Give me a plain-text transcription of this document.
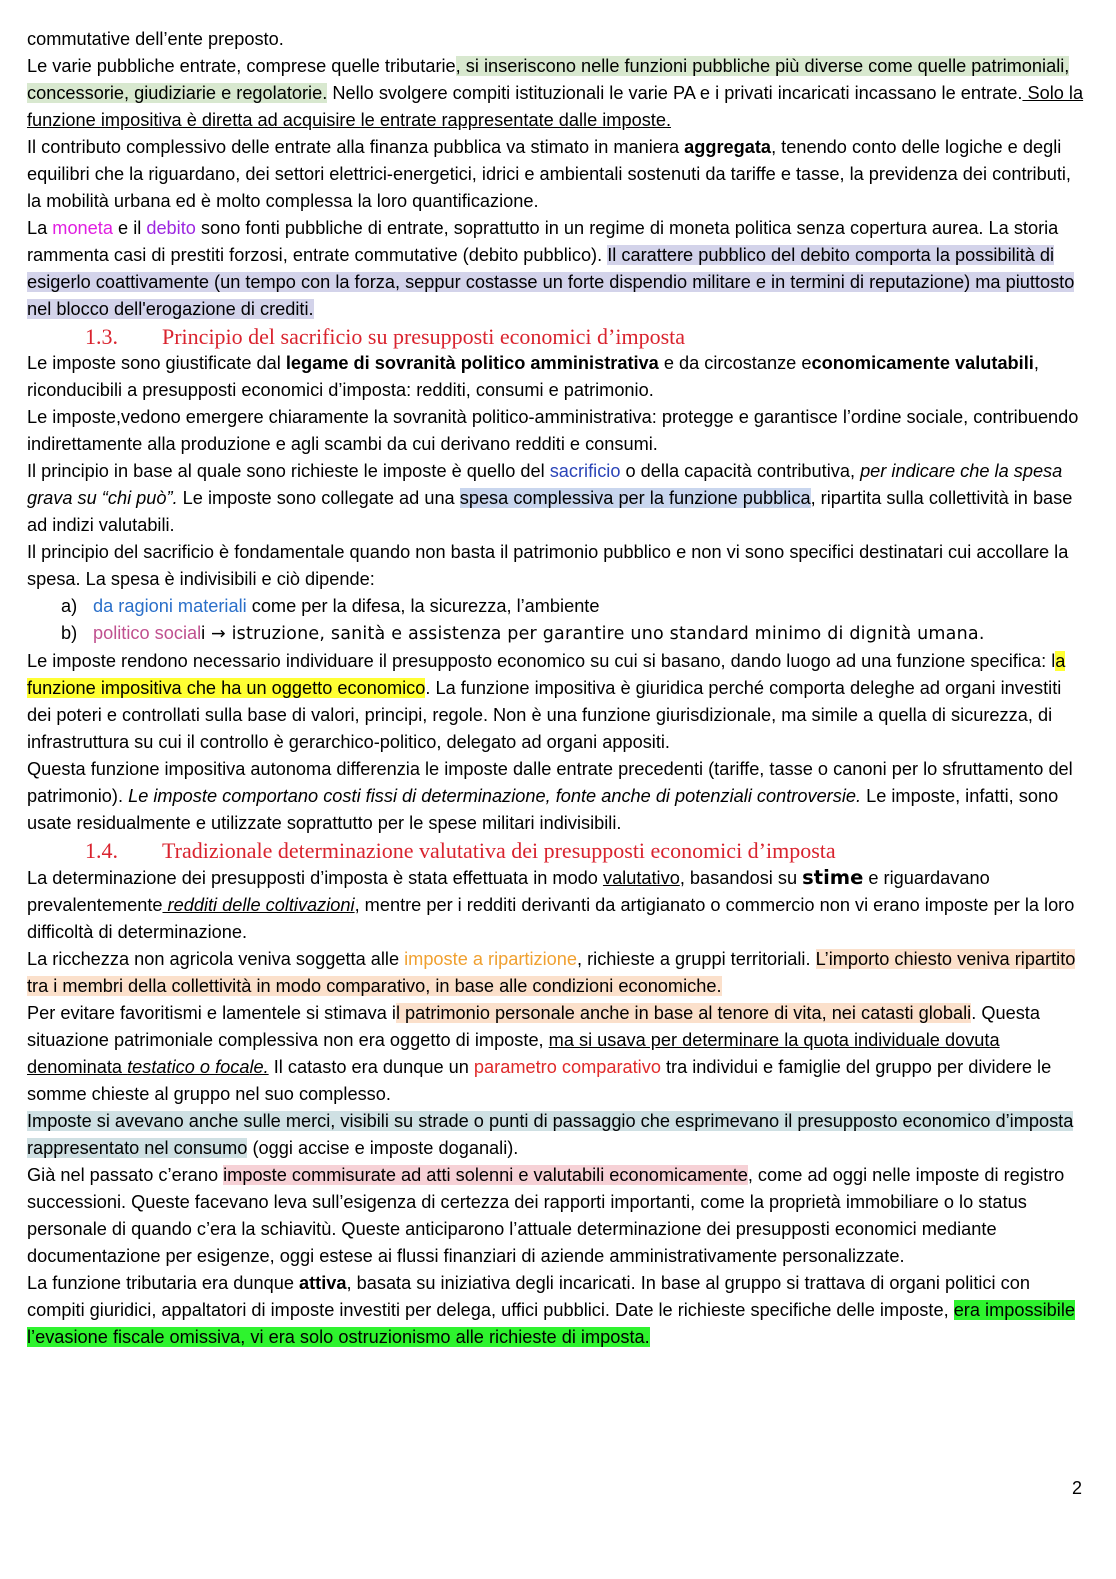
commutative dell’ente preposto.

Le varie pubbliche entrate, comprese quelle tributarie, si inseriscono nelle funzioni pubbliche più diverse come quelle patrimoniali, concessorie, giudiziarie e regolatorie. Nello svolgere compiti istituzionali le varie PA e i privati incaricati incassano le entrate. Solo la funzione impositiva è diretta ad acquisire le entrate rappresentate dalle imposte.

Il contributo complessivo delle entrate alla finanza pubblica va stimato in maniera aggregata, tenendo conto delle logiche e degli equilibri che la riguardano, dei settori elettrici-energetici, idrici e ambientali sostenuti da tariffe e tasse, la previdenza dei contributi, la mobilità urbana ed è molto complessa la loro quantificazione.

La moneta e il debito sono fonti pubbliche di entrate, soprattutto in un regime di moneta politica senza copertura aurea. La storia rammenta casi di prestiti forzosi, entrate commutative (debito pubblico). Il carattere pubblico del debito comporta la possibilità di esigerlo coattivamente (un tempo con la forza, seppur costasse un forte dispendio militare e in termini di reputazione) ma piuttosto nel blocco dell'erogazione di crediti.

1.3. Principio del sacrificio su presupposti economici d’imposta

Le imposte sono giustificate dal legame di sovranità politico amministrativa e da circostanze economicamente valutabili, riconducibili a presupposti economici d’imposta: redditi, consumi e patrimonio.

Le imposte,vedono emergere chiaramente la sovranità politico-amministrativa: protegge e garantisce l’ordine sociale, contribuendo indirettamente alla produzione e agli scambi da cui derivano redditi e consumi.

Il principio in base al quale sono richieste le imposte è quello del sacrificio o della capacità contributiva, per indicare che la spesa grava su “chi può”. Le imposte sono collegate ad una spesa complessiva per la funzione pubblica, ripartita sulla collettività in base ad indizi valutabili.

Il principio del sacrificio è fondamentale quando non basta il patrimonio pubblico e non vi sono specifici destinatari cui accollare la spesa. La spesa è indivisibili e ciò dipende:

a) da ragioni materiali come per la difesa, la sicurezza, l’ambiente
b) politico sociali → istruzione, sanità e assistenza per garantire uno standard minimo di dignità umana.

Le imposte rendono necessario individuare il presupposto economico su cui si basano, dando luogo ad una funzione specifica: la funzione impositiva che ha un oggetto economico. La funzione impositiva è giuridica perché comporta deleghe ad organi investiti dei poteri e controllati sulla base di valori, principi, regole. Non è una funzione giurisdizionale, ma simile a quella di sicurezza, di infrastruttura su cui il controllo è gerarchico-politico, delegato ad organi appositi.

Questa funzione impositiva autonoma differenzia le imposte dalle entrate precedenti (tariffe, tasse o canoni per lo sfruttamento del patrimonio). Le imposte comportano costi fissi di determinazione, fonte anche di potenziali controversie. Le imposte, infatti, sono usate residualmente e utilizzate soprattutto per le spese militari indivisibili.

1.4. Tradizionale determinazione valutativa dei presupposti economici d’imposta

La determinazione dei presupposti d’imposta è stata effettuata in modo valutativo, basandosi su stime e riguardavano prevalentemente redditi delle coltivazioni, mentre per i redditi derivanti da artigianato o commercio non vi erano imposte per la loro difficoltà di determinazione.

La ricchezza non agricola veniva soggetta alle imposte a ripartizione, richieste a gruppi territoriali. L’importo chiesto veniva ripartito tra i membri della collettività in modo comparativo, in base alle condizioni economiche.

Per evitare favoritismi e lamentele si stimava il patrimonio personale anche in base al tenore di vita, nei catasti globali. Questa situazione patrimoniale complessiva non era oggetto di imposte, ma si usava per determinare la quota individuale dovuta denominata testatico o focale. Il catasto era dunque un parametro comparativo tra individui e famiglie del gruppo per dividere le somme chieste al gruppo nel suo complesso.

Imposte si avevano anche sulle merci, visibili su strade o punti di passaggio che esprimevano il presupposto economico d’imposta rappresentato nel consumo (oggi accise e imposte doganali).

Già nel passato c’erano imposte commisurate ad atti solenni e valutabili economicamente, come ad oggi nelle imposte di registro successioni. Queste facevano leva sull’esigenza di certezza dei rapporti importanti, come la proprietà immobiliare o lo status personale di quando c’era la schiavitù. Queste anticiparono l’attuale determinazione dei presupposti economici mediante documentazione per esigenze, oggi estese ai flussi finanziari di aziende amministrativamente personalizzate.

La funzione tributaria era dunque attiva, basata su iniziativa degli incaricati. In base al gruppo si trattava di organi politici con compiti giuridici, appaltatori di imposte investiti per delega, uffici pubblici. Date le richieste specifiche delle imposte, era impossibile l’evasione fiscale omissiva, vi era solo ostruzionismo alle richieste di imposta.

2
